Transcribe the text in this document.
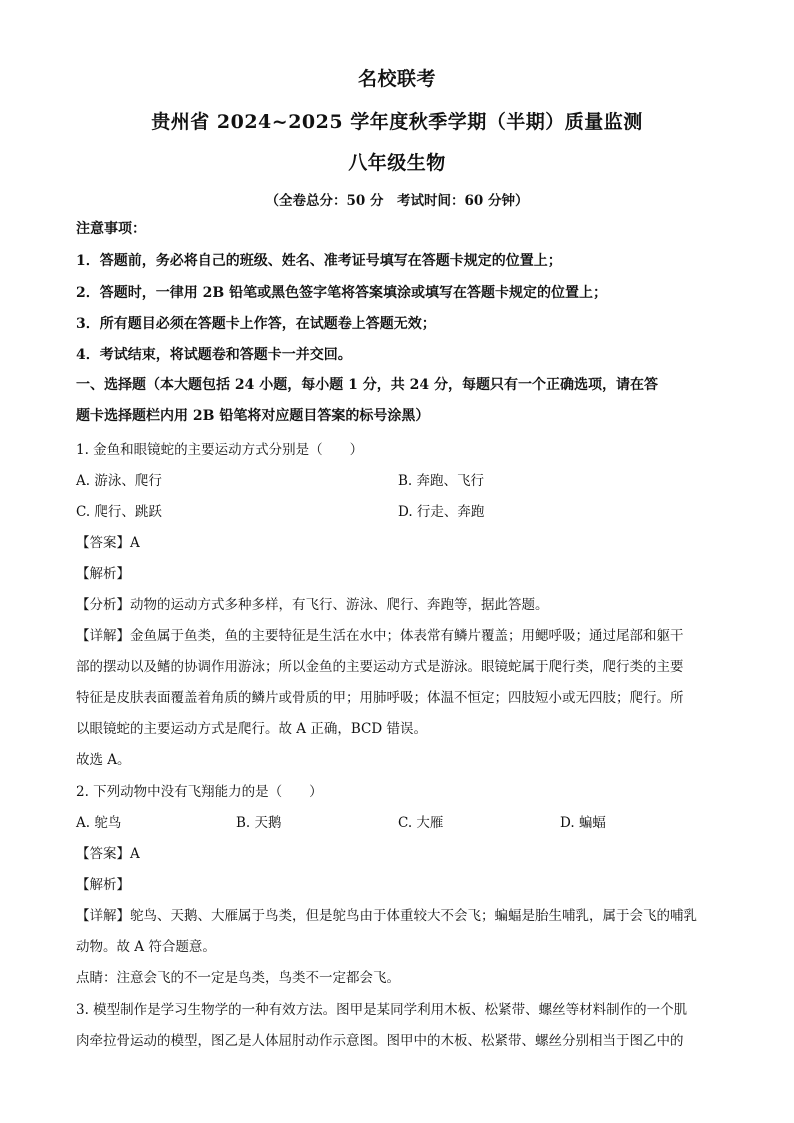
名校联考
贵州省 2024~2025 学年度秋季学期（半期）质量监测
八年级生物
（全卷总分：50 分　考试时间：60 分钟）
注意事项：
1．答题前，务必将自己的班级、姓名、准考证号填写在答题卡规定的位置上；
2．答题时，一律用 2B 铅笔或黑色签字笔将答案填涂或填写在答题卡规定的位置上；
3．所有题目必须在答题卡上作答，在试题卷上答题无效；
4．考试结束，将试题卷和答题卡一并交回。
一、选择题（本大题包括 24 小题，每小题 1 分，共 24 分，每题只有一个正确选项，请在答
题卡选择题栏内用 2B 铅笔将对应题目答案的标号涂黑）
1. 金鱼和眼镜蛇的主要运动方式分别是（　　）
A. 游泳、爬行	B. 奔跑、飞行
C. 爬行、跳跃	D. 行走、奔跑
【答案】A
【解析】
【分析】动物的运动方式多种多样，有飞行、游泳、爬行、奔跑等，据此答题。
【详解】金鱼属于鱼类，鱼的主要特征是生活在水中；体表常有鳞片覆盖；用鳃呼吸；通过尾部和躯干
部的摆动以及鳍的协调作用游泳；所以金鱼的主要运动方式是游泳。眼镜蛇属于爬行类，爬行类的主要
特征是皮肤表面覆盖着角质的鳞片或骨质的甲；用肺呼吸；体温不恒定；四肢短小或无四肢；爬行。所
以眼镜蛇的主要运动方式是爬行。故 A 正确，BCD 错误。
故选 A。
2. 下列动物中没有飞翔能力的是（　　）
A. 鸵鸟	B. 天鹅	C. 大雁	D. 蝙蝠
【答案】A
【解析】
【详解】鸵鸟、天鹅、大雁属于鸟类，但是鸵鸟由于体重较大不会飞；蝙蝠是胎生哺乳，属于会飞的哺乳
动物。故 A 符合题意。
点睛：注意会飞的不一定是鸟类，鸟类不一定都会飞。
3. 模型制作是学习生物学的一种有效方法。图甲是某同学利用木板、松紧带、螺丝等材料制作的一个肌
肉牵拉骨运动的模型，图乙是人体屈肘动作示意图。图甲中的木板、松紧带、螺丝分别相当于图乙中的
